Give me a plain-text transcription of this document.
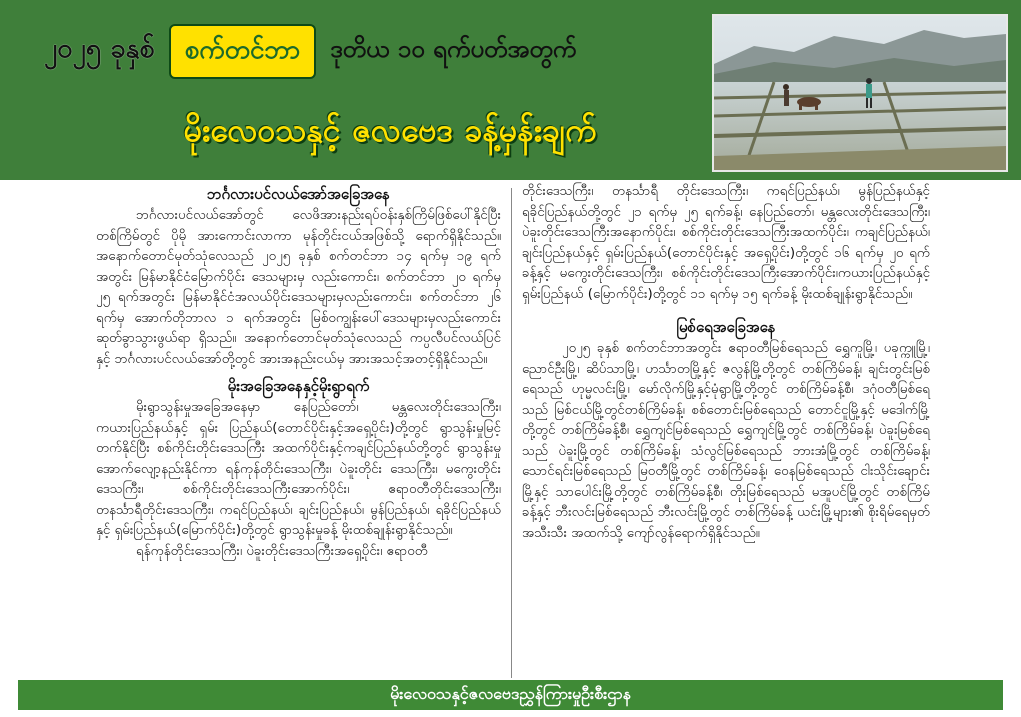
၂၀၂၅ ခုနှစ်	စက်တင်ဘာ	ဒုတိယ ၁၀ ရက်ပတ်အတွက်
မိုးလေဝသနှင့် ဇလဗေဒ ခန့်မှန်းချက်

ဘင်္ဂလားပင်လယ်အော်အခြေအနေ

ဘင်္ဂလားပင်လယ်အော်တွင် လေဖိအားနည်းရပ်ဝန်းနှစ်ကြိမ်ဖြစ်ပေါ်နိုင်ပြီး တစ်ကြိမ်တွင် ပိုမို အားကောင်းလာကာ မုန်တိုင်းငယ်အဖြစ်သို့ ရောက်ရှိနိုင်သည်။ အနောက်တောင်မုတ်သုံလေသည် ၂၀၂၅ ခုနှစ် စက်တင်ဘာ ၁၄ ရက်မှ ၁၉ ရက်အတွင်း မြန်မာနိုင်ငံမြောက်ပိုင်း ဒေသများမှ လည်းကောင်း၊ စက်တင်ဘာ ၂၀ ရက်မှ ၂၅ ရက်အတွင်း မြန်မာနိုင်ငံအလယ်ပိုင်းဒေသများမှလည်းကောင်း၊ စက်တင်ဘာ ၂၆ ရက်မှ အောက်တိုဘာလ ၁ ရက်အတွင်း မြစ်ဝကျွန်းပေါ်ဒေသများမှလည်းကောင်း ဆုတ်ခွာသွားဖွယ်ရာ ရှိသည်။ အနောက်တောင်မုတ်သုံလေသည် ကပ္ပလီပင်လယ်ပြင်နှင့် ဘင်္ဂလားပင်လယ်အော်တို့တွင် အားအနည်းငယ်မှ အားအသင့်အတင့်ရှိနိုင်သည်။

မိုးအခြေအနေနှင့်မိုးရွာရက်

မိုးရွာသွန်းမှုအခြေအနေမှာ နေပြည်တော်၊ မန္တလေးတိုင်းဒေသကြီး၊ ကယားပြည်နယ်နှင့် ရှမ်း ပြည်နယ်(တောင်ပိုင်းနှင့်အရှေ့ပိုင်း)တို့တွင် ရွာသွန်းမှုမြင့်တက်နိုင်ပြီး စစ်ကိုင်းတိုင်းဒေသကြီး အထက်ပိုင်းနှင့်ကချင်ပြည်နယ်တို့တွင် ရွာသွန်းမှုအောက်လျော့နည်းနိုင်ကာ ရန်ကုန်တိုင်းဒေသကြီး၊ ပဲခူးတိုင်း ဒေသကြီး၊ မကွေးတိုင်းဒေသကြီး၊ စစ်ကိုင်းတိုင်းဒေသကြီးအောက်ပိုင်း၊ ဧရာဝတီတိုင်းဒေသကြီး၊ တနင်္သာရီတိုင်းဒေသကြီး၊ ကရင်ပြည်နယ်၊ ချင်းပြည်နယ်၊ မွန်ပြည်နယ်၊ ရခိုင်ပြည်နယ်နှင့် ရှမ်းပြည်နယ်(မြောက်ပိုင်း)တို့တွင် ရွာသွန်းမှုခန့် မိုးထစ်ချုန်းရွာနိုင်သည်။

ရန်ကုန်တိုင်းဒေသကြီး၊ ပဲခူးတိုင်းဒေသကြီးအရှေ့ပိုင်း၊ ဧရာဝတီ

တိုင်းဒေသကြီး၊ တနင်္သာရီ တိုင်းဒေသကြီး၊ ကရင်ပြည်နယ်၊ မွန်ပြည်နယ်နှင့် ရခိုင်ပြည်နယ်တို့တွင် ၂၁ ရက်မှ ၂၅ ရက်ခန့်၊ နေပြည်တော်၊ မန္တလေးတိုင်းဒေသကြီး၊ ပဲခူးတိုင်းဒေသကြီးအနောက်ပိုင်း၊ စစ်ကိုင်းတိုင်းဒေသကြီးအထက်ပိုင်း၊ ကချင်ပြည်နယ်၊ ချင်းပြည်နယ်နှင့် ရှမ်းပြည်နယ်(တောင်ပိုင်းနှင့် အရှေ့ပိုင်း)တို့တွင် ၁၆ ရက်မှ ၂၀ ရက်ခန့်နှင့် မကွေးတိုင်းဒေသကြီး၊ စစ်ကိုင်းတိုင်းဒေသကြီးအောက်ပိုင်း၊ကယားပြည်နယ်နှင့်ရှမ်းပြည်နယ် (မြောက်ပိုင်း)တို့တွင် ၁၁ ရက်မှ ၁၅ ရက်ခန့် မိုးထစ်ချုန်းရွာနိုင်သည်။

မြစ်ရေအခြေအနေ

၂၀၂၅ ခုနှစ် စက်တင်ဘာအတွင်း ဧရာဝတီမြစ်ရေသည် ရွှေကူမြို့၊ ပခုက္ကူမြို့၊ ညောင်ဦးမြို့၊ ဆိပ်သာမြို့၊ ဟင်္သာတမြို့နှင့် ဇလွန်မြို့တို့တွင် တစ်ကြိမ်ခန့်၊ ချင်းတွင်းမြစ်ရေသည် ဟုမ္မလင်းမြို့၊ မော်လိုက်မြို့နှင့်မုံရွာမြို့တို့တွင် တစ်ကြိမ်ခန့်စီ၊ ဒဂုံဝတီမြစ်ရေသည် မြစ်ငယ်မြို့တွင်တစ်ကြိမ်ခန့်၊ စစ်တောင်းမြစ်ရေသည် တောင်ငူမြို့နှင့် မဒေါက်မြို့တို့တွင် တစ်ကြိမ်ခန့်စီ၊ ရွှေကျင်မြစ်ရေသည် ရွှေကျင်မြို့တွင် တစ်ကြိမ်ခန့်၊ ပဲခူးမြစ်ရေသည် ပဲခူးမြို့တွင် တစ်ကြိမ်ခန့်၊ သံလွင်မြစ်ရေသည် ဘားအံမြို့တွင် တစ်ကြိမ်ခန့်၊ သောင်ရင်းမြစ်ရေသည် မြဝတီမြို့တွင် တစ်ကြိမ်ခန့်၊ ဝေနမြစ်ရေသည် ငါးသိုင်းချောင်းမြို့နှင့် သာပေါင်းမြို့တို့တွင် တစ်ကြိမ်ခန့်စီ၊ တိုးမြစ်ရေသည် မအူပင်မြို့တွင် တစ်ကြိမ် ခန့်နှင့် ဘီးလင်းမြစ်ရေသည် ဘီးလင်းမြို့တွင် တစ်ကြိမ်ခန့် ယင်းမြို့များ၏ စိုးရိမ်ရေမှတ် အသီးသီး အထက်သို့ ကျော်လွန်ရောက်ရှိနိုင်သည်။

မိုးလေဝသနှင့်ဇလဗေဒညွှန်ကြားမှုဦးစီးဌာန
